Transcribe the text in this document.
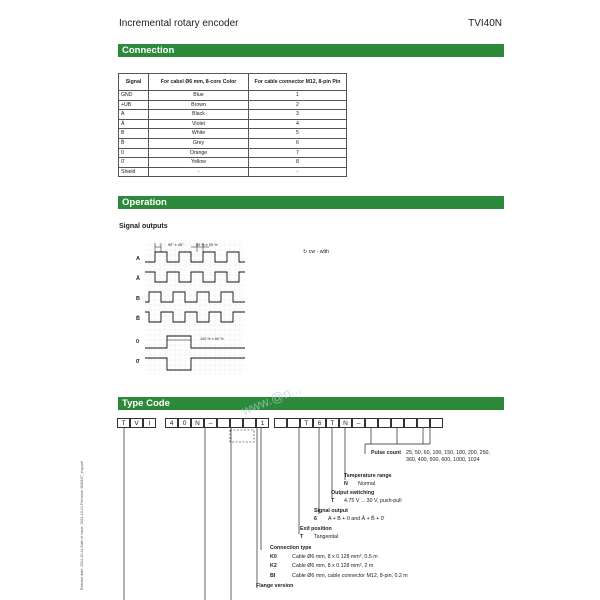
Incremental rotary encoder	TVI40N
Connection
Signal	For cabel Ø6 mm, 8-core Color	For cable connector M12, 8-pin Pin
GND	Blue	1
+UB	Brown	2
A	Black	3
Ā	Violet	4
B	White	5
B̄	Grey	6
0	Orange	7
0̄	Yellow	8
Shield	-	-
Operation
Signal outputs
↻ cw - with
A
Ā
B
B̄
0
0̄
90° ± 45°	50 % ± 25 %
100 % ± 60 %
Type Code	www.@n...
T	V	I	4	0	N	–	1	T	6	T	N	–
Pulse count 25, 50, 60, 100, 150, 180, 200, 250, 360, 400, 500, 600, 1000, 1024
Temperature range
N Normal
Output switching
T 4.75 V ... 30 V, push-pull
Signal output
6 A + B + 0 and Ā + B̄ + 0̄
Exit position
T Tangential
Connection type
K0	Cable Ø6 mm, 8 x 0.128 mm², 0.5 m
K2	Cable Ø6 mm, 8 x 0.128 mm², 2 m
BI	Cable Ø6 mm, cable connector M12, 8-pin, 0.2 m
Flange version
Release date: 2024-10-24 Date of issue: 2024-10-24 Filename: t006167_eng.pdf
